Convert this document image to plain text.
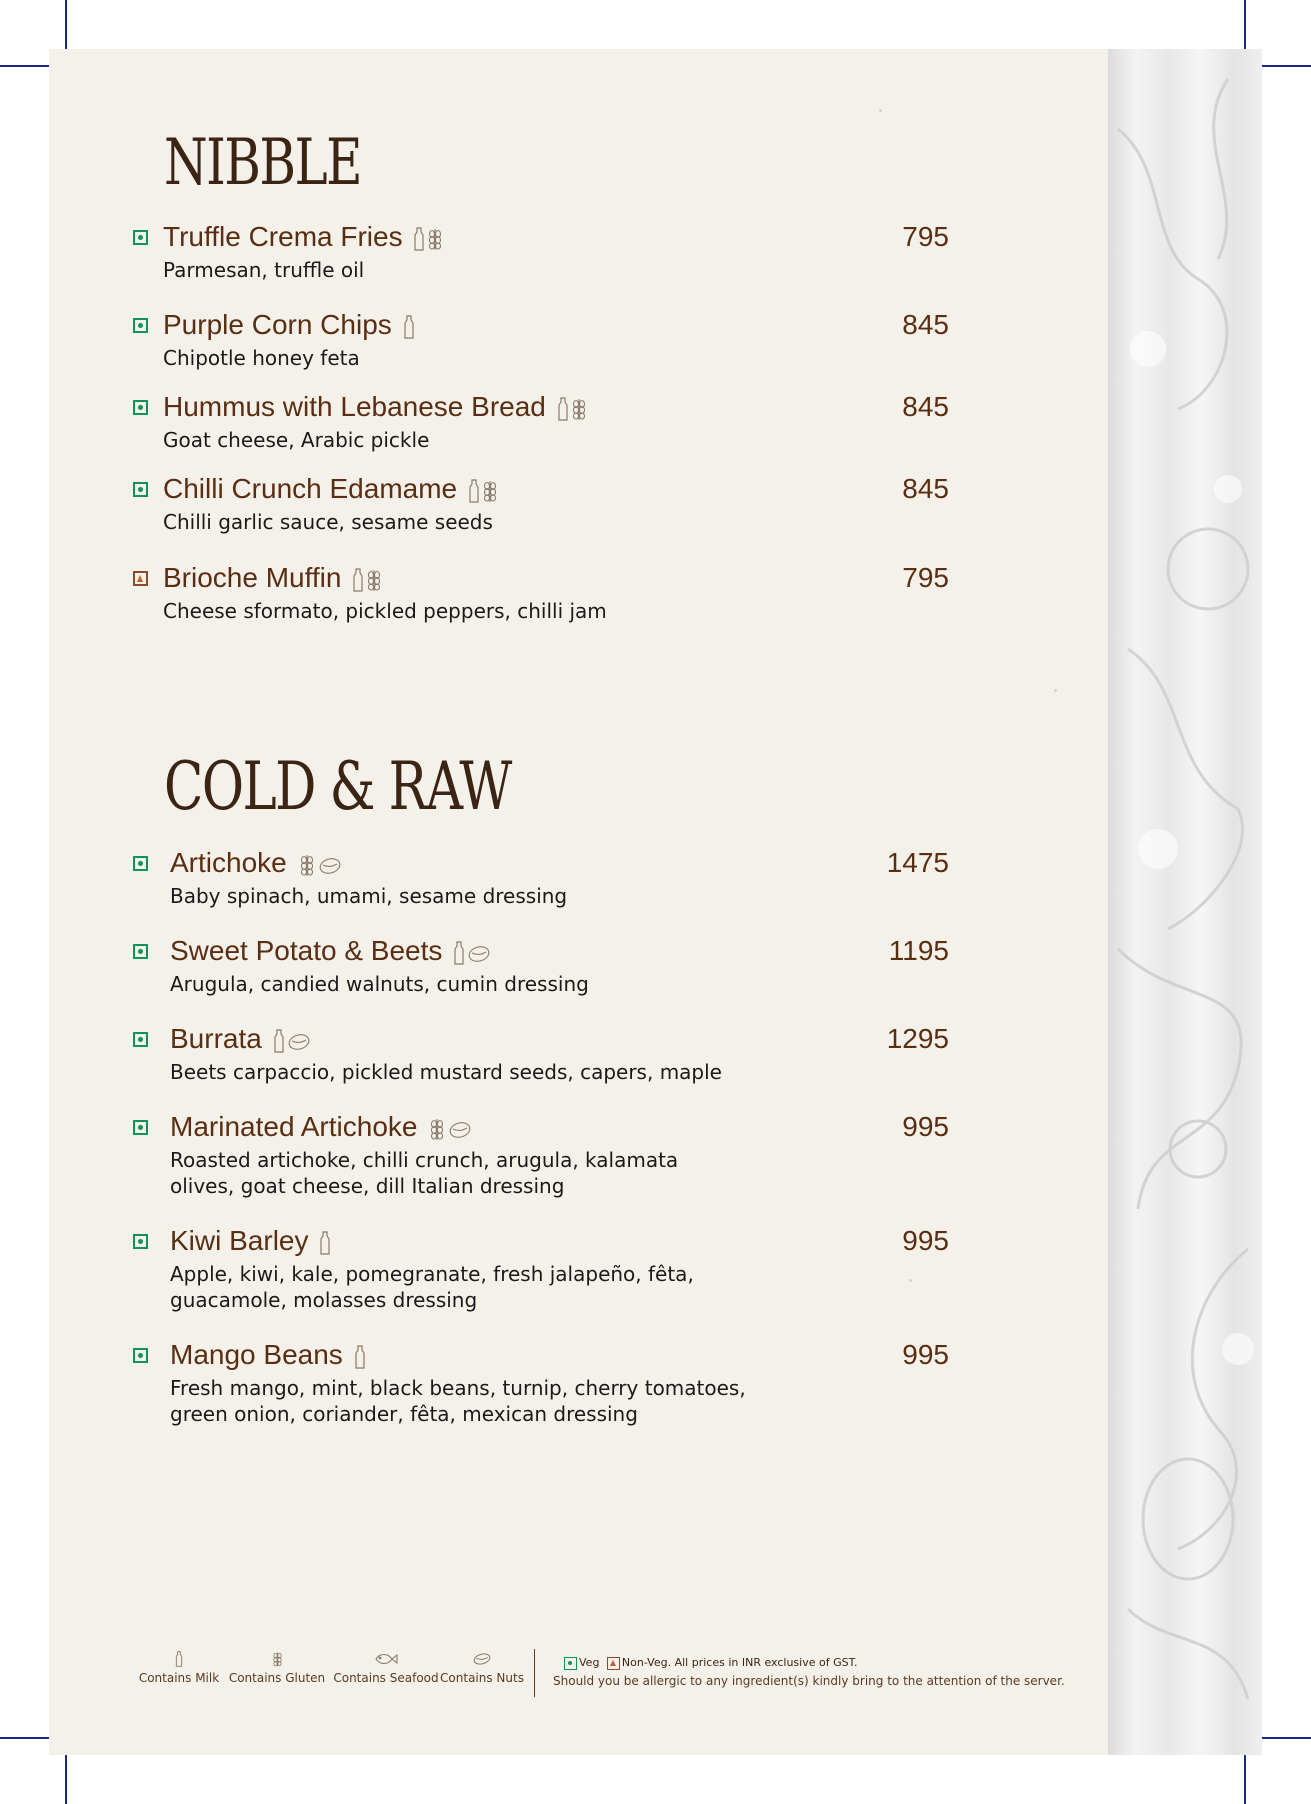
NIBBLE
Truffle Crema Fries	795
Parmesan, truffle oil
Purple Corn Chips	845
Chipotle honey feta
Hummus with Lebanese Bread	845
Goat cheese, Arabic pickle
Chilli Crunch Edamame	845
Chilli garlic sauce, sesame seeds
Brioche Muffin	795
Cheese sformato, pickled peppers, chilli jam
COLD & RAW
Artichoke	1475
Baby spinach, umami, sesame dressing
Sweet Potato & Beets	1195
Arugula, candied walnuts, cumin dressing
Burrata	1295
Beets carpaccio, pickled mustard seeds, capers, maple
Marinated Artichoke	995
Roasted artichoke, chilli crunch, arugula, kalamata
olives, goat cheese, dill Italian dressing
Kiwi Barley	995
Apple, kiwi, kale, pomegranate, fresh jalapeño, fêta,
guacamole, molasses dressing
Mango Beans	995
Fresh mango, mint, black beans, turnip, cherry tomatoes,
green onion, coriander, fêta, mexican dressing
Contains Milk Contains Gluten Contains Seafood Contains Nuts
Veg Non-Veg. All prices in INR exclusive of GST.
Should you be allergic to any ingredient(s) kindly bring to the attention of the server.
